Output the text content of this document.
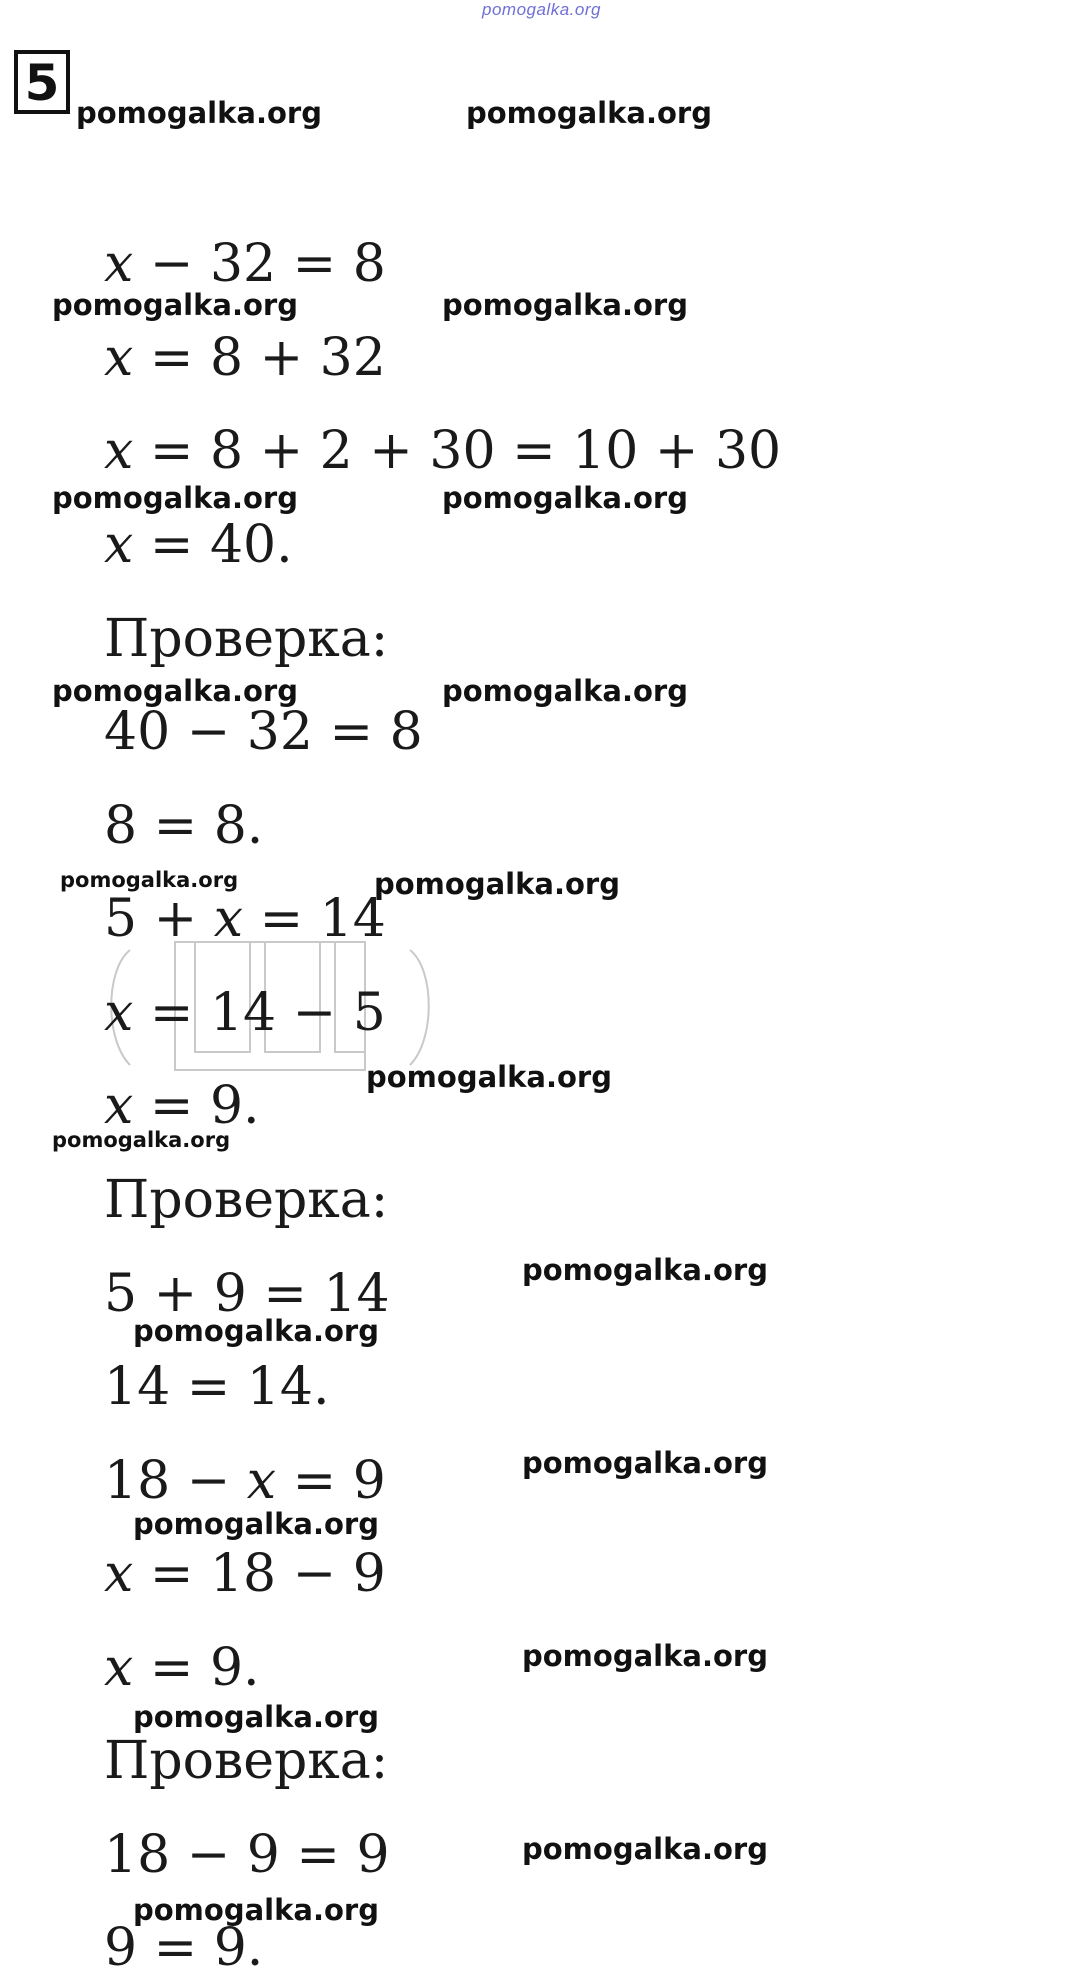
pomogalka.org
5
pomogalka.org	pomogalka.org
pomogalka.org	pomogalka.org
pomogalka.org	pomogalka.org
pomogalka.org	pomogalka.org
pomogalka.org	pomogalka.org
pomogalka.org
pomogalka.org
pomogalka.org
pomogalka.org
pomogalka.org
pomogalka.org
pomogalka.org
pomogalka.org
pomogalka.org
pomogalka.org
x − 32 = 8
x = 8 + 32
x = 8 + 2 + 30 = 10 + 30
x = 40.
Проверка:
40 − 32 = 8
8 = 8.
5 + x = 14
x = 14 − 5
x = 9.
Проверка:
5 + 9 = 14
14 = 14.
18 − x = 9
x = 18 − 9
x = 9.
Проверка:
18 − 9 = 9
9 = 9.
